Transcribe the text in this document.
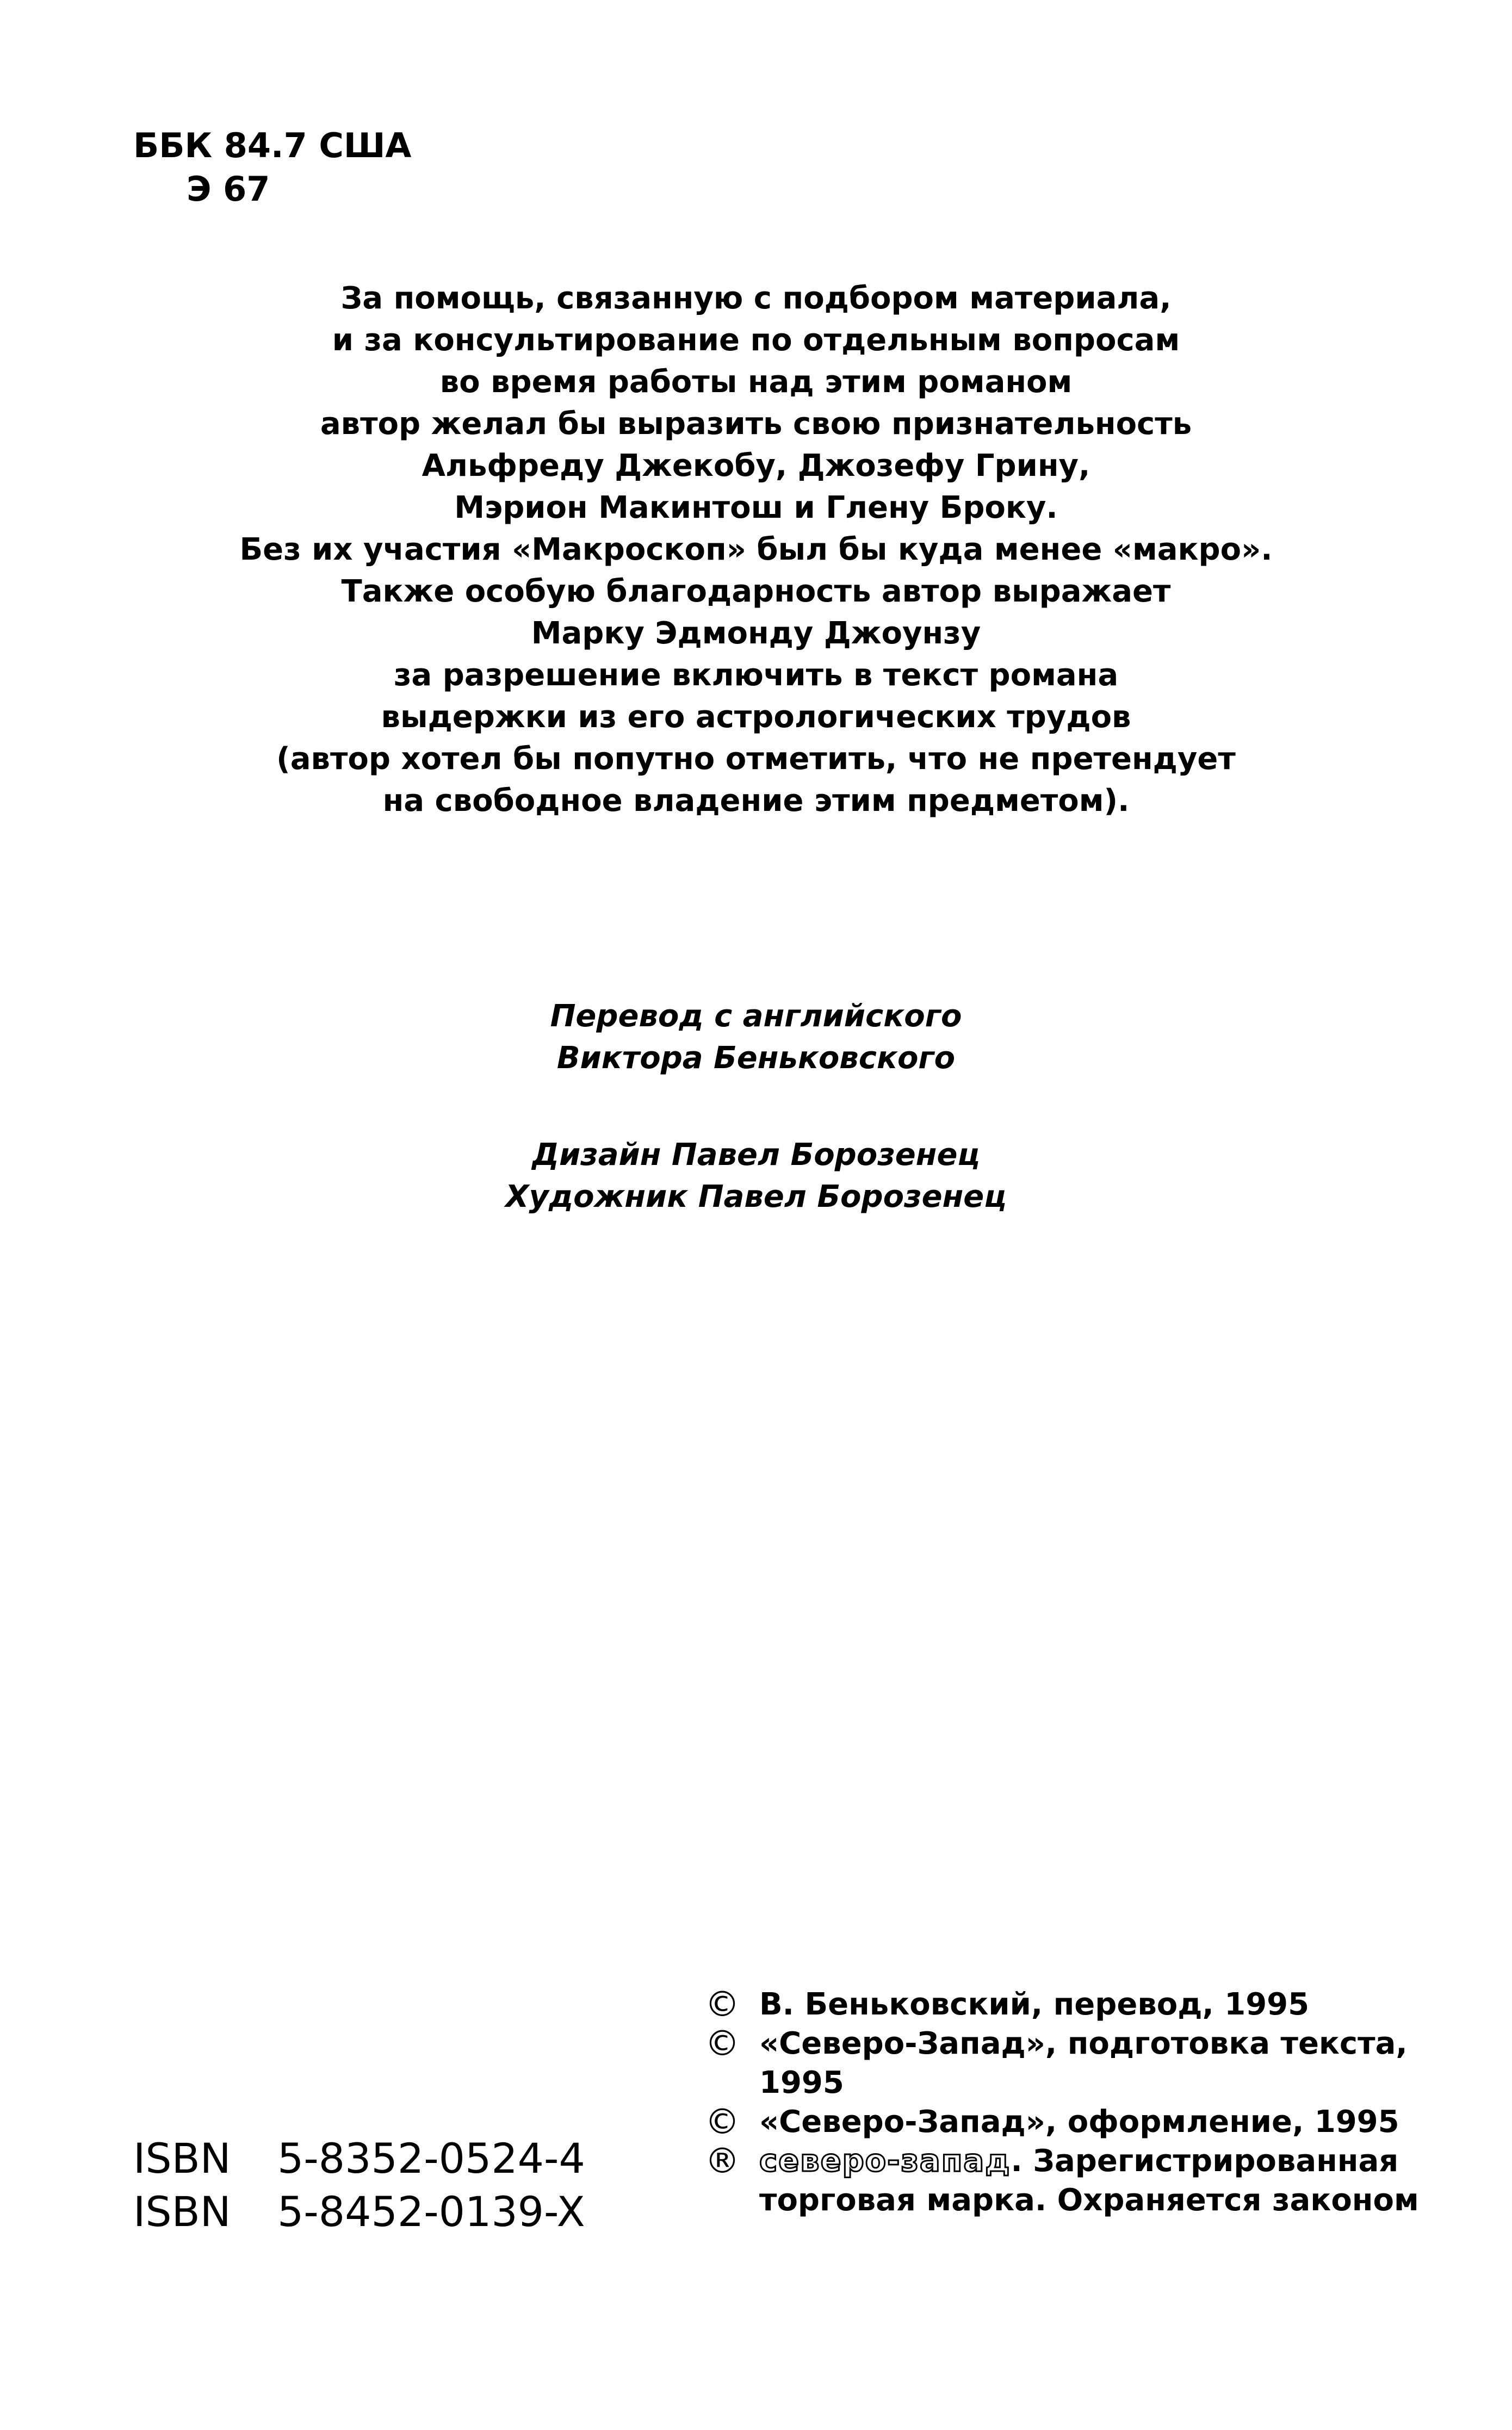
ББК 84.7 США
Э 67
За помощь, связанную с подбором материала,
и за консультирование по отдельным вопросам
во время работы над этим романом
автор желал бы выразить свою признательность
Альфреду Джекобу, Джозефу Грину,
Мэрион Макинтош и Глену Броку.
Без их участия «Макроскоп» был бы куда менее «макро».
Также особую благодарность автор выражает
Марку Эдмонду Джоунзу
за разрешение включить в текст романа
выдержки из его астрологических трудов
(автор хотел бы попутно отметить, что не претендует
на свободное владение этим предметом).
Перевод с английского
Виктора Беньковского
Дизайн Павел Борозенец
Художник Павел Борозенец
ISBN	5-8352-0524-4
ISBN	5-8452-0139-X
© В. Беньковский, перевод, 1995
© «Северо-Запад», подготовка текста,
1995
© «Северо-Запад», оформление, 1995
® северо-запад. Зарегистрированная
торговая марка. Охраняется законом
